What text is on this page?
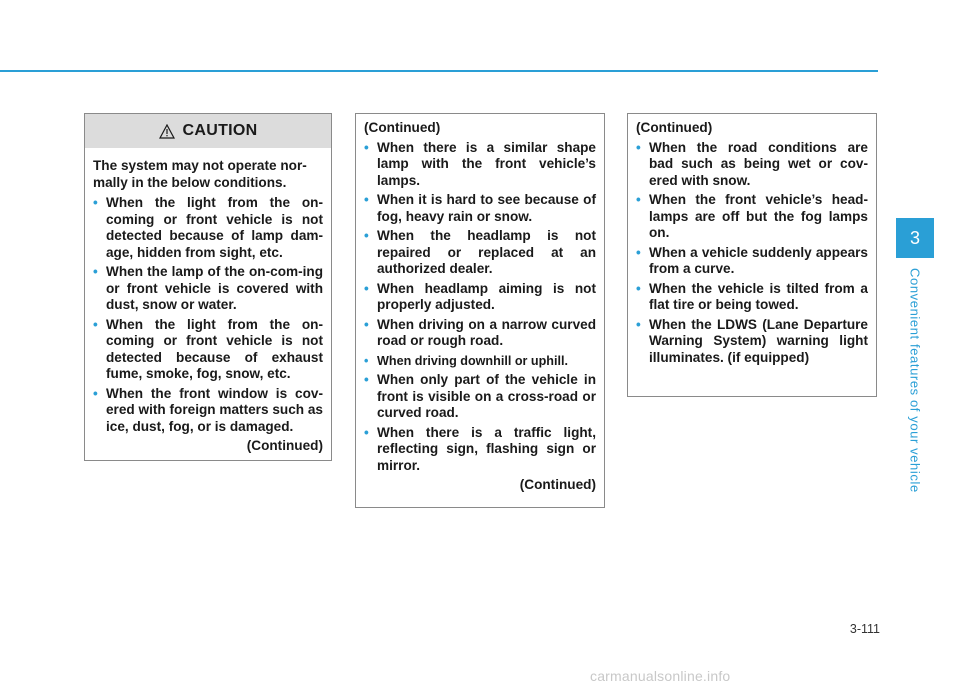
CAUTION

The system may not operate nor-mally in the below conditions.

• When the light from the on-coming or front vehicle is not detected because of lamp dam-age, hidden from sight, etc.
• When the lamp of the on-com-ing or front vehicle is covered with dust, snow or water.
• When the light from the on-coming or front vehicle is not detected because of exhaust fume, smoke, fog, snow, etc.
• When the front window is cov-ered with foreign matters such as ice, dust, fog, or is damaged.
(Continued)

(Continued)

• When there is a similar shape lamp with the front vehicle’s lamps.
• When it is hard to see because of fog, heavy rain or snow.
• When the headlamp is not repaired or replaced at an authorized dealer.
• When headlamp aiming is not properly adjusted.
• When driving on a narrow curved road or rough road.
• When driving downhill or uphill.
• When only part of the vehicle in front is visible on a cross-road or curved road.
• When there is a traffic light, reflecting sign, flashing sign or mirror.
(Continued)

(Continued)

• When the road conditions are bad such as being wet or cov-ered with snow.
• When the front vehicle’s head-lamps are off but the fog lamps on.
• When a vehicle suddenly appears from a curve.
• When the vehicle is tilted from a flat tire or being towed.
• When the LDWS (Lane Departure Warning System) warning light illuminates. (if equipped)
3
Convenient features of your vehicle
3-111
carmanualsonline.info
